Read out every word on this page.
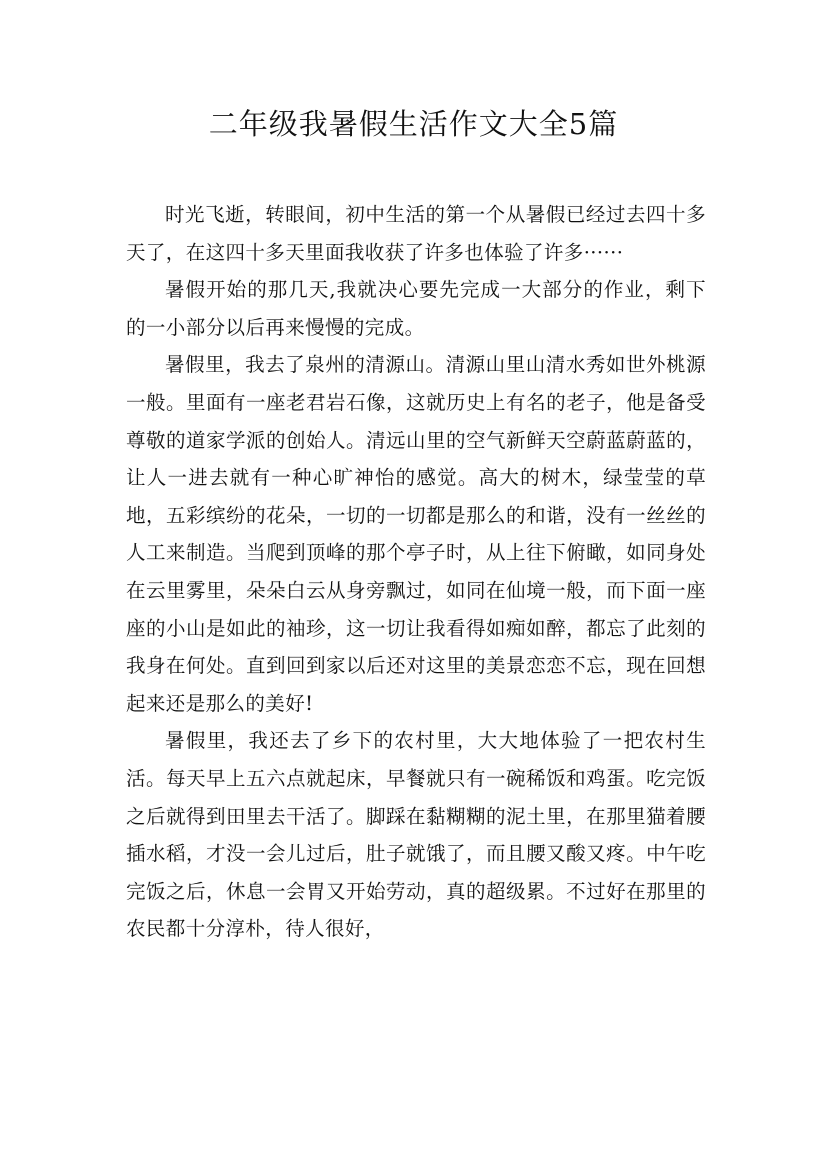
二年级我暑假生活作文大全5篇

时光飞逝，转眼间，初中生活的第一个从暑假已经过去四十多天了，在这四十多天里面我收获了许多也体验了许多······

暑假开始的那几天,我就决心要先完成一大部分的作业，剩下的一小部分以后再来慢慢的完成。

暑假里，我去了泉州的清源山。清源山里山清水秀如世外桃源一般。里面有一座老君岩石像，这就历史上有名的老子，他是备受尊敬的道家学派的创始人。清远山里的空气新鲜天空蔚蓝蔚蓝的，让人一进去就有一种心旷神怡的感觉。高大的树木，绿莹莹的草地，五彩缤纷的花朵，一切的一切都是那么的和谐，没有一丝丝的人工来制造。当爬到顶峰的那个亭子时，从上往下俯瞰，如同身处在云里雾里，朵朵白云从身旁飘过，如同在仙境一般，而下面一座座的小山是如此的袖珍，这一切让我看得如痴如醉，都忘了此刻的我身在何处。直到回到家以后还对这里的美景恋恋不忘，现在回想起来还是那么的美好!

暑假里，我还去了乡下的农村里，大大地体验了一把农村生活。每天早上五六点就起床，早餐就只有一碗稀饭和鸡蛋。吃完饭之后就得到田里去干活了。脚踩在黏糊糊的泥土里，在那里猫着腰插水稻，才没一会儿过后，肚子就饿了，而且腰又酸又疼。中午吃完饭之后，休息一会胃又开始劳动，真的超级累。不过好在那里的农民都十分淳朴，待人很好，
